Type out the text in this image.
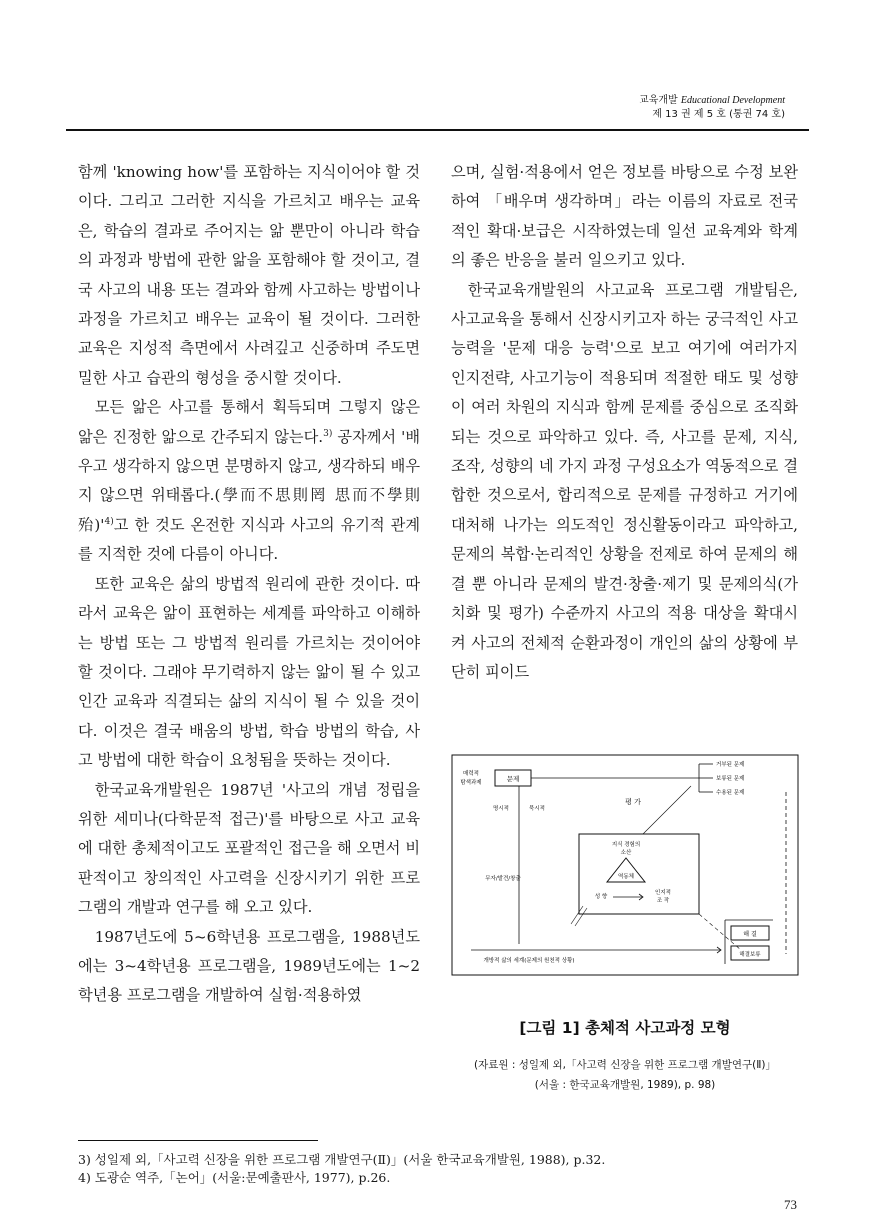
교육개발 Educational Development
제 13 권 제 5 호 (통권 74 호)

함께 'knowing how'를 포함하는 지식이어야 할 것이다. 그리고 그러한 지식을 가르치고 배우는 교육은, 학습의 결과로 주어지는 앎 뿐만이 아니라 학습의 과정과 방법에 관한 앎을 포함해야 할 것이고, 결국 사고의 내용 또는 결과와 함께 사고하는 방법이나 과정을 가르치고 배우는 교육이 될 것이다. 그러한 교육은 지성적 측면에서 사려깊고 신중하며 주도면밀한 사고 습관의 형성을 중시할 것이다.

모든 앎은 사고를 통해서 획득되며 그렇지 않은 앎은 진정한 앎으로 간주되지 않는다.$^{3)}$ 공자께서 '배우고 생각하지 않으면 분명하지 않고, 생각하되 배우지 않으면 위태롭다.(學而不思則罔 思而不學則殆)'$^{4)}$고 한 것도 온전한 지식과 사고의 유기적 관계를 지적한 것에 다름이 아니다.

또한 교육은 삶의 방법적 원리에 관한 것이다. 따라서 교육은 앎이 표현하는 세계를 파악하고 이해하는 방법 또는 그 방법적 원리를 가르치는 것이어야 할 것이다. 그래야 무기력하지 않는 앎이 될 수 있고 인간 교육과 직결되는 삶의 지식이 될 수 있을 것이다. 이것은 결국 배움의 방법, 학습 방법의 학습, 사고 방법에 대한 학습이 요청됨을 뜻하는 것이다.

한국교육개발원은 1987년 '사고의 개념 정립을 위한 세미나(다학문적 접근)'를 바탕으로 사고 교육에 대한 총체적이고도 포괄적인 접근을 해 오면서 비판적이고 창의적인 사고력을 신장시키기 위한 프로그램의 개발과 연구를 해 오고 있다.

1987년도에 5~6학년용 프로그램을, 1988년도에는 3~4학년용 프로그램을, 1989년도에는 1~2학년용 프로그램을 개발하여 실험·적용하였

으며, 실험·적용에서 얻은 정보를 바탕으로 수정 보완하여 「배우며 생각하며」라는 이름의 자료로 전국적인 확대·보급은 시작하였는데 일선 교육계와 학계의 좋은 반응을 불러 일으키고 있다.

한국교육개발원의 사고교육 프로그램 개발팀은, 사고교육을 통해서 신장시키고자 하는 궁극적인 사고능력을 '문제 대응 능력'으로 보고 여기에 여러가지 인지전략, 사고기능이 적용되며 적절한 태도 및 성향이 여러 차원의 지식과 함께 문제를 중심으로 조직화되는 것으로 파악하고 있다. 즉, 사고를 문제, 지식, 조작, 성향의 네 가지 과정 구성요소가 역동적으로 결합한 것으로서, 합리적으로 문제를 규정하고 거기에 대처해 나가는 의도적인 정신활동이라고 파악하고, 문제의 복합·논리적인 상황을 전제로 하여 문제의 해결 뿐 아니라 문제의 발견·창출·제기 및 문제의식(가치화 및 평가) 수준까지 사고의 적용 대상을 확대시켜 사고의 전체적 순환과정이 개인의 삶의 상황에 부단히 피이드

문제
매력적
탐색과제
거부된 문제
보류된 문제
수용된 문제
평 가
명시적	묵시적
무자/발견/창출
지식 경험의
소산
역동체
성 향
인지적
조 작
해 결
해결보류
개방적 삶의 세계(문제의 원천적 상황)
[그림 1] 총체적 사고과정 모형
(자료원 : 성일제 외,「사고력 신장을 위한 프로그램 개발연구(Ⅱ)」
(서울 : 한국교육개발원, 1989), p. 98)
3) 성일제 외,「사고력 신장을 위한 프로그램 개발연구(Ⅱ)」(서울 한국교육개발원, 1988), p.32.
4) 도광순 역주,「논어」(서울:문예출판사, 1977), p.26.
73
